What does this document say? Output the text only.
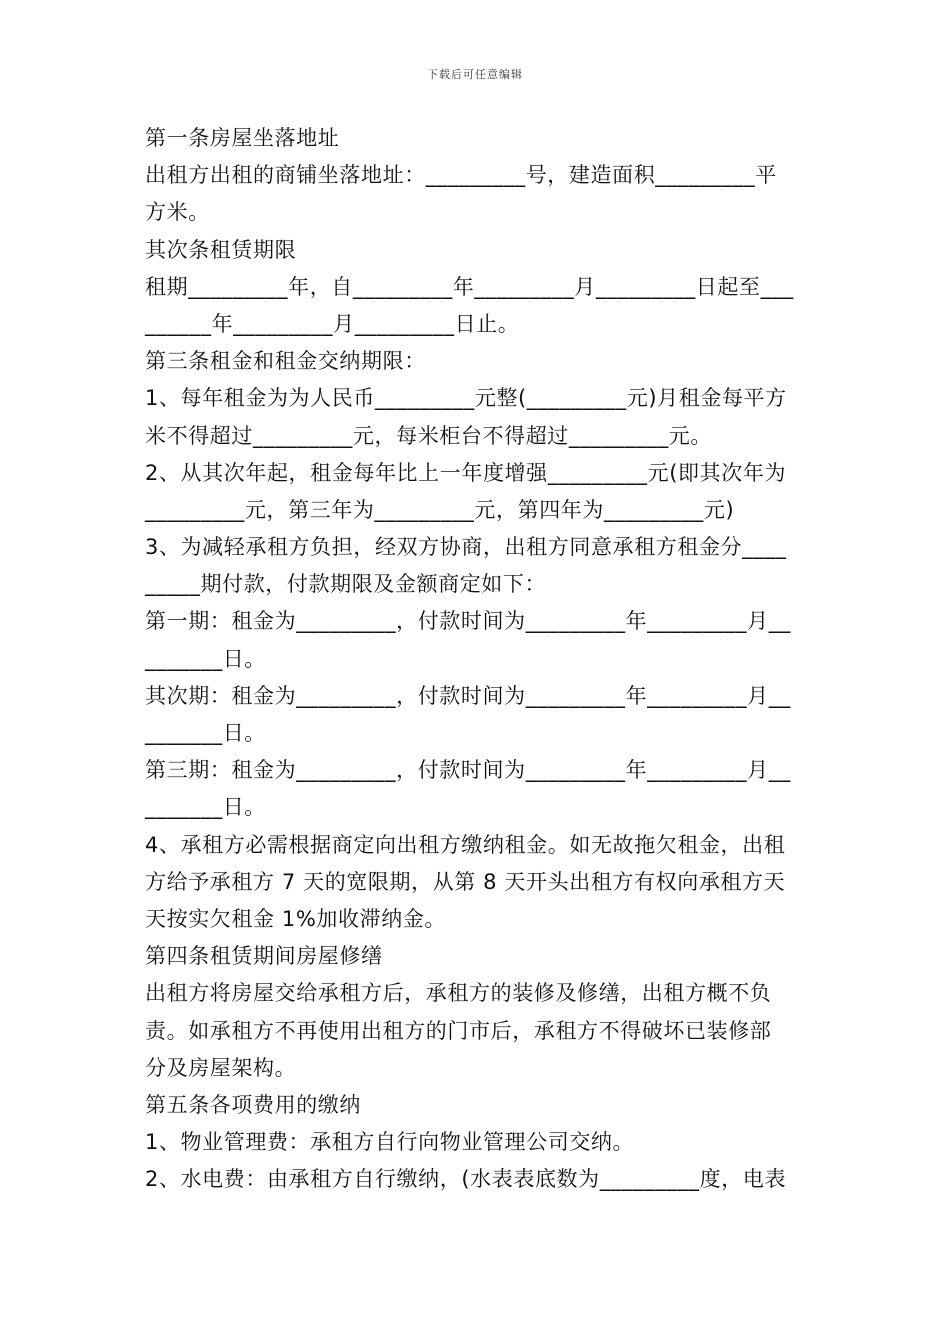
下载后可任意编辑
第一条房屋坐落地址
出租方出租的商铺坐落地址：_________号，建造面积_________平
方米。
其次条租赁期限
租期_________年，自_________年_________月_________日起至___
______年_________月_________日止。
第三条租金和租金交纳期限：
1、每年租金为为人民币_________元整(_________元)月租金每平方
米不得超过_________元，每米柜台不得超过_________元。
2、从其次年起，租金每年比上一年度增强_________元(即其次年为
_________元，第三年为_________元，第四年为_________元)
3、为减轻承租方负担，经双方协商，出租方同意承租方租金分____
_____期付款，付款期限及金额商定如下：
第一期：租金为_________，付款时间为_________年_________月__
_______日。
其次期：租金为_________，付款时间为_________年_________月__
_______日。
第三期：租金为_________，付款时间为_________年_________月__
_______日。
4、承租方必需根据商定向出租方缴纳租金。如无故拖欠租金，出租
方给予承租方 7 天的宽限期，从第 8 天开头出租方有权向承租方天
天按实欠租金 1%加收滞纳金。
第四条租赁期间房屋修缮
出租方将房屋交给承租方后，承租方的装修及修缮，出租方概不负
责。如承租方不再使用出租方的门市后，承租方不得破坏已装修部
分及房屋架构。
第五条各项费用的缴纳
1、物业管理费：承租方自行向物业管理公司交纳。
2、水电费：由承租方自行缴纳，(水表表底数为_________度，电表
